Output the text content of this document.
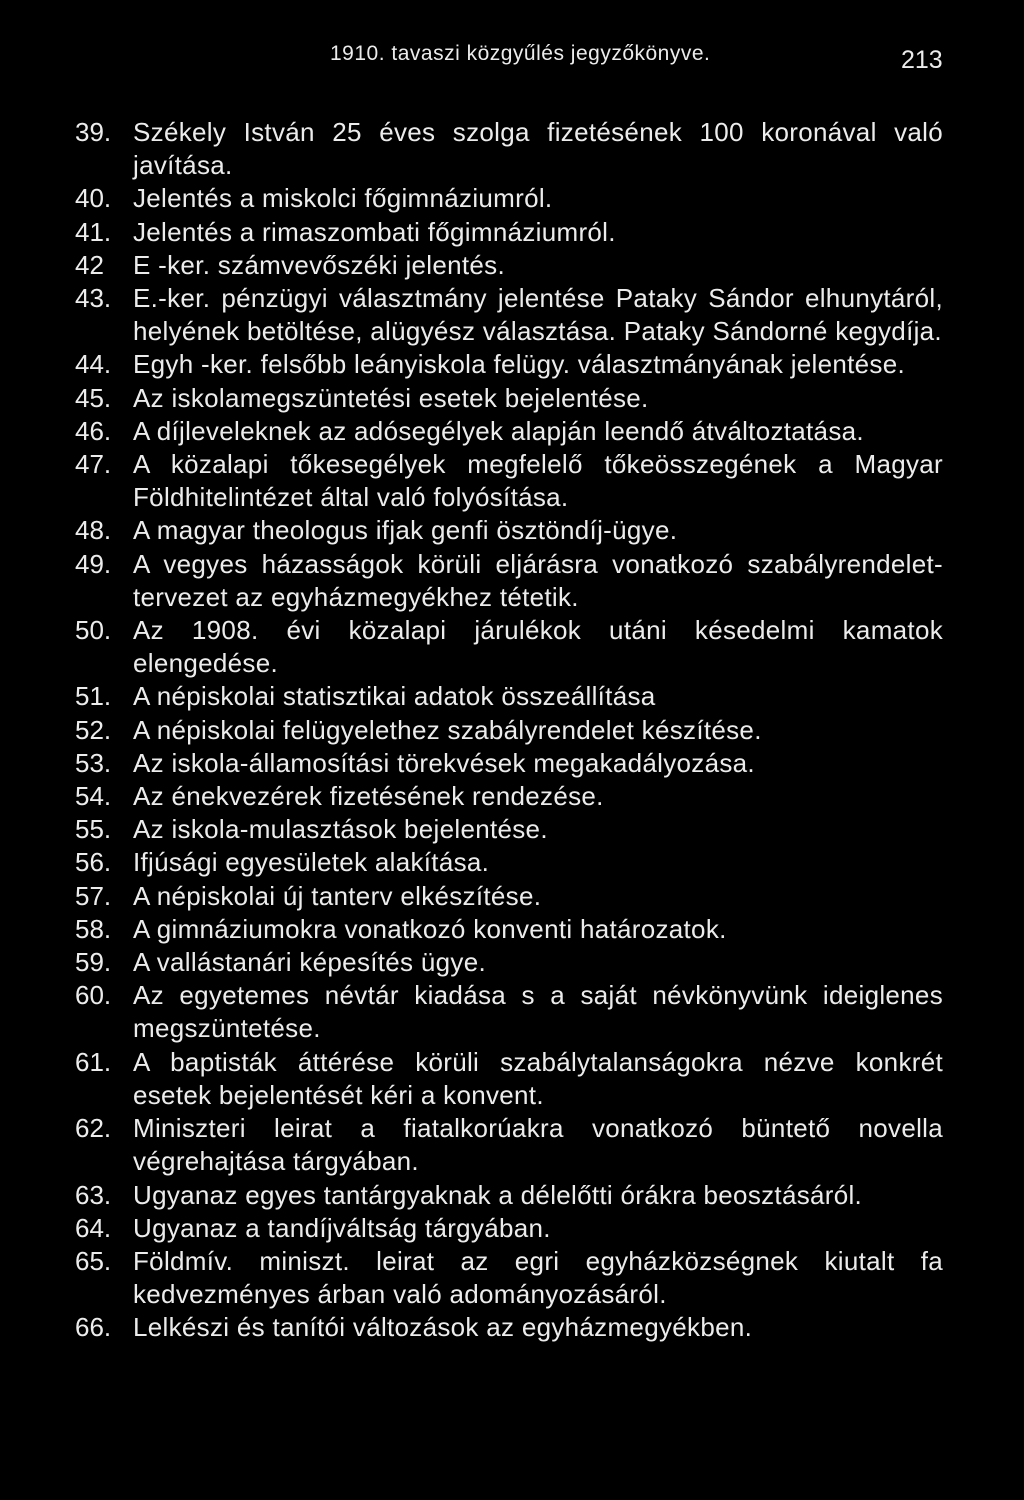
1910. tavaszi közgyűlés jegyzőkönyve.	213
39. Székely István 25 éves szolga fizetésének 100 koronával való javítása.
40. Jelentés a miskolci főgimnáziumról.
41. Jelentés a rimaszombati főgimnáziumról.
42	E -ker. számvevőszéki jelentés.
43. E.-ker. pénzügyi választmány jelentése Pataky Sándor elhunytáról, helyének betöltése, alügyész választása. Pataky Sándorné kegydíja.
44. Egyh -ker. felsőbb leányiskola felügy. választmányának jelentése.
45. Az iskolamegszüntetési esetek bejelentése.
46. A díjleveleknek az adósegélyek alapján leendő átváltoztatása.
47. A közalapi tőkesegélyek megfelelő tőkeösszegének a Magyar Földhitelintézet által való folyósítása.
48. A magyar theologus ifjak genfi ösztöndíj-ügye.
49. A vegyes házasságok körüli eljárásra vonatkozó szabályrendelet-tervezet az egyházmegyékhez tétetik.
50. Az 1908. évi közalapi járulékok utáni késedelmi kamatok elengedése.
51. A népiskolai statisztikai adatok összeállítása
52. A népiskolai felügyelethez szabályrendelet készítése.
53. Az iskola-államosítási törekvések megakadályozása.
54. Az énekvezérek fizetésének rendezése.
55. Az iskola-mulasztások bejelentése.
56. Ifjúsági egyesületek alakítása.
57. A népiskolai új tanterv elkészítése.
58. A gimnáziumokra vonatkozó konventi határozatok.
59. A vallástanári képesítés ügye.
60. Az egyetemes névtár kiadása s a saját névkönyvünk ideiglenes megszüntetése.
61. A baptisták áttérése körüli szabálytalanságokra nézve konkrét esetek bejelentését kéri a konvent.
62. Miniszteri leirat a fiatalkorúakra vonatkozó büntető novella végrehajtása tárgyában.
63. Ugyanaz egyes tantárgyaknak a délelőtti órákra beosztásáról.
64. Ugyanaz a tandíjváltság tárgyában.
65. Földmív. miniszt. leirat az egri egyházközségnek kiutalt fa kedvezményes árban való adományozásáról.
66. Lelkészi és tanítói változások az egyházmegyékben.
